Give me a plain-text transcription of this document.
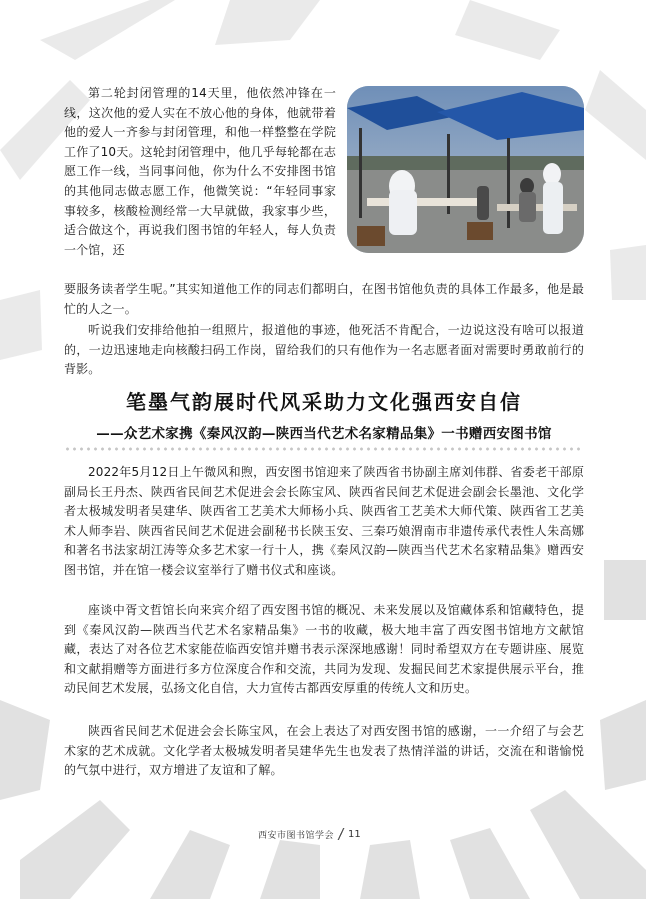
第二轮封闭管理的14天里，他依然冲锋在一线，这次他的爱人实在不放心他的身体，他就带着他的爱人一齐参与封闭管理，和他一样整整在学院工作了10天。这轮封闭管理中，他几乎每轮都在志愿工作一线，当同事问他，你为什么不安排图书馆的其他同志做志愿工作，他微笑说：“年轻同事家事较多，核酸检测经常一大早就做，我家事少些，适合做这个，再说我们图书馆的年轻人，每人负责一个馆，还

要服务读者学生呢。”其实知道他工作的同志们都明白，在图书馆他负责的具体工作最多，他是最忙的人之一。

听说我们安排给他拍一组照片，报道他的事迹，他死活不肯配合，一边说这没有啥可以报道的，一边迅速地走向核酸扫码工作岗，留给我们的只有他作为一名志愿者面对需要时勇敢前行的背影。

笔墨气韵展时代风采助力文化强西安自信
——众艺术家携《秦风汉韵—陕西当代艺术名家精品集》一书赠西安图书馆

2022年5月12日上午微风和煦，西安图书馆迎来了陕西省书协副主席刘伟群、省委老干部原副局长王丹杰、陕西省民间艺术促进会会长陈宝风、陕西省民间艺术促进会副会长墨池、文化学者太极城发明者吴建华、陕西省工艺美术大师杨小兵、陕西省工艺美术大师代策、陕西省工艺美术人师李岩、陕西省民间艺术促进会副秘书长陕玉安、三秦巧娘渭南市非遗传承代表性人朱高娜和著名书法家胡江涛等众多艺术家一行十人，携《秦风汉韵—陕西当代艺术名家精品集》赠西安图书馆，并在馆一楼会议室举行了赠书仪式和座谈。

座谈中胥文哲馆长向来宾介绍了西安图书馆的概况、未来发展以及馆藏体系和馆藏特色，提到《秦风汉韵—陕西当代艺术名家精品集》一书的收藏，极大地丰富了西安图书馆地方文献馆藏，表达了对各位艺术家能莅临西安馆并赠书表示深深地感谢！同时希望双方在专题讲座、展览和文献捐赠等方面进行多方位深度合作和交流，共同为发现、发掘民间艺术家提供展示平台，推动民间艺术发展，弘扬文化自信，大力宣传古都西安厚重的传统人文和历史。

陕西省民间艺术促进会会长陈宝风，在会上表达了对西安图书馆的感谢，一一介绍了与会艺术家的艺术成就。文化学者太极城发明者吴建华先生也发表了热情洋溢的讲话，交流在和谐愉悦的气氛中进行，双方增进了友谊和了解。

西安市图书馆学会 11
